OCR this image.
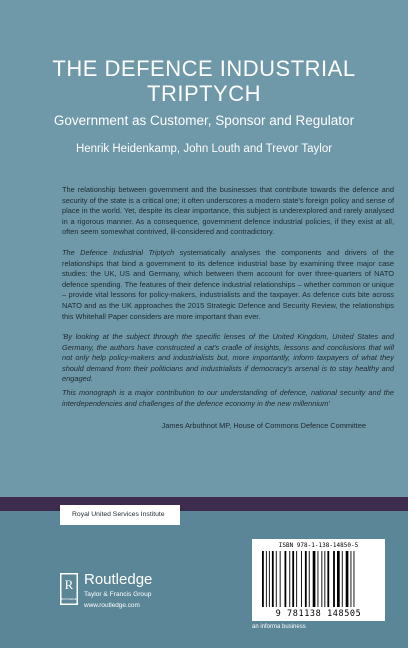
THE DEFENCE INDUSTRIAL
TRIPTYCH
Government as Customer, Sponsor and Regulator
Henrik Heidenkamp, John Louth and Trevor Taylor
The relationship between government and the businesses that contribute towards the defence and security of the state is a critical one; it often underscores a modern state's foreign policy and sense of place in the world. Yet, despite its clear importance, this subject is underexplored and rarely analysed in a rigorous manner. As a consequence, government defence industrial policies, if they exist at all, often seem somewhat contrived, ill-considered and contradictory.
The Defence Industrial Triptych systematically analyses the components and drivers of the relationships that bind a government to its defence industrial base by examining three major case studies: the UK, US and Germany, which between them account for over three-quarters of NATO defence spending. The features of their defence industrial relationships – whether common or unique – provide vital lessons for policy-makers, industrialists and the taxpayer. As defence cuts bite across NATO and as the UK approaches the 2015 Strategic Defence and Security Review, the relationships this Whitehall Paper considers are more important than ever.
'By looking at the subject through the specific lenses of the United Kingdom, United States and Germany, the authors have constructed a cat's cradle of insights, lessons and conclusions that will not only help policy-makers and industrialists but, more importantly, inform taxpayers of what they should demand from their politicians and industrialists if democracy's arsenal is to stay healthy and engaged.
This monograph is a major contribution to our understanding of defence, national security and the interdependencies and challenges of the defence economy in the new millennium'
James Arbuthnot MP, House of Commons Defence Committee
Royal United Services Institute
R
ROUTLEDGE
Routledge
Taylor & Francis Group
www.routledge.com
ISBN 978-1-138-14850-5
9 781138 148505
an informa business
